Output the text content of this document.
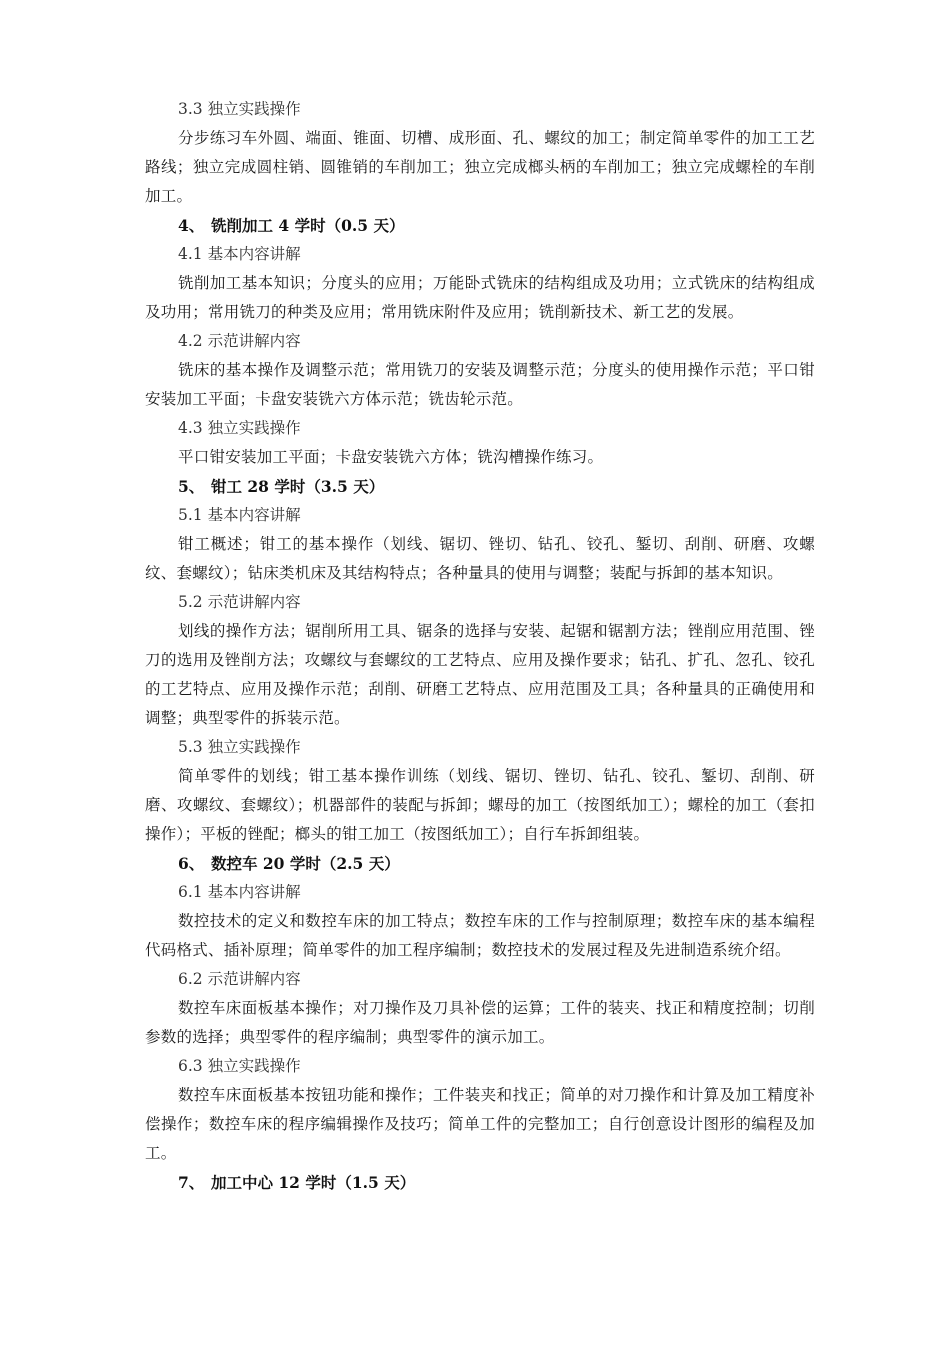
3.3 独立实践操作

分步练习车外圆、端面、锥面、切槽、成形面、孔、螺纹的加工；制定简单零件的加工工艺路线；独立完成圆柱销、圆锥销的车削加工；独立完成榔头柄的车削加工；独立完成螺栓的车削加工。

4、 铣削加工 4 学时（0.5 天）
4.1 基本内容讲解

铣削加工基本知识；分度头的应用；万能卧式铣床的结构组成及功用；立式铣床的结构组成及功用；常用铣刀的种类及应用；常用铣床附件及应用；铣削新技术、新工艺的发展。

4.2 示范讲解内容

铣床的基本操作及调整示范；常用铣刀的安装及调整示范；分度头的使用操作示范；平口钳安装加工平面；卡盘安装铣六方体示范；铣齿轮示范。

4.3 独立实践操作

平口钳安装加工平面；卡盘安装铣六方体；铣沟槽操作练习。

5、 钳工 28 学时（3.5 天）
5.1 基本内容讲解

钳工概述；钳工的基本操作（划线、锯切、锉切、钻孔、铰孔、錾切、刮削、研磨、攻螺纹、套螺纹）；钻床类机床及其结构特点；各种量具的使用与调整；装配与拆卸的基本知识。

5.2 示范讲解内容

划线的操作方法；锯削所用工具、锯条的选择与安装、起锯和锯割方法；锉削应用范围、锉刀的选用及锉削方法；攻螺纹与套螺纹的工艺特点、应用及操作要求；钻孔、扩孔、忽孔、铰孔的工艺特点、应用及操作示范；刮削、研磨工艺特点、应用范围及工具；各种量具的正确使用和调整；典型零件的拆装示范。

5.3 独立实践操作

简单零件的划线；钳工基本操作训练（划线、锯切、锉切、钻孔、铰孔、錾切、刮削、研磨、攻螺纹、套螺纹）；机器部件的装配与拆卸；螺母的加工（按图纸加工）；螺栓的加工（套扣操作）；平板的锉配；榔头的钳工加工（按图纸加工）；自行车拆卸组装。

6、 数控车 20 学时（2.5 天）
6.1 基本内容讲解

数控技术的定义和数控车床的加工特点；数控车床的工作与控制原理；数控车床的基本编程代码格式、插补原理；简单零件的加工程序编制；数控技术的发展过程及先进制造系统介绍。

6.2 示范讲解内容

数控车床面板基本操作；对刀操作及刀具补偿的运算；工件的装夹、找正和精度控制；切削参数的选择；典型零件的程序编制；典型零件的演示加工。

6.3 独立实践操作

数控车床面板基本按钮功能和操作；工件装夹和找正；简单的对刀操作和计算及加工精度补偿操作；数控车床的程序编辑操作及技巧；简单工件的完整加工；自行创意设计图形的编程及加工。

7、 加工中心 12 学时（1.5 天）
